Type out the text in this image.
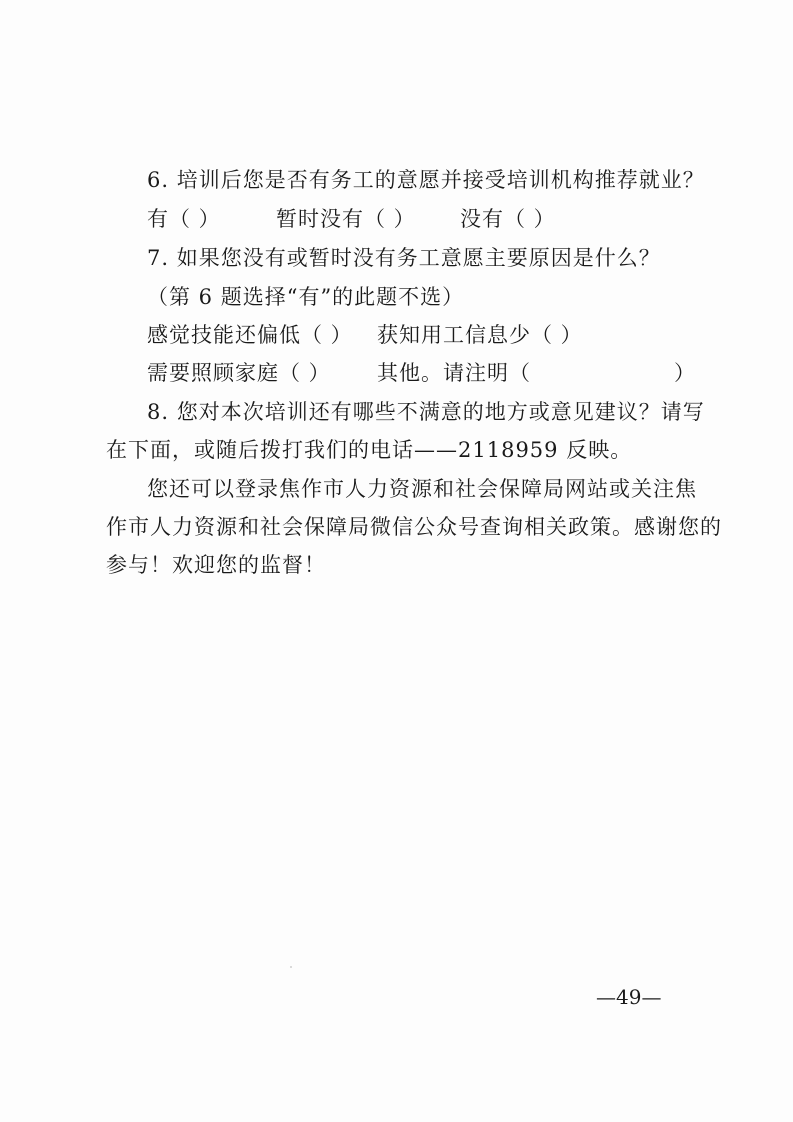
6. 培训后您是否有务工的意愿并接受培训机构推荐就业？
有（ ）	暂时没有（ ） 没有（ ）
7. 如果您没有或暂时没有务工意愿主要原因是什么？
（第 6 题选择“有”的此题不选）
感觉技能还偏低（ ） 获知用工信息少（ ）
需要照顾家庭（ ） 其他。请注明（	）
8. 您对本次培训还有哪些不满意的地方或意见建议？请写
在下面，或随后拨打我们的电话——2118959 反映。
您还可以登录焦作市人力资源和社会保障局网站或关注焦
作市人力资源和社会保障局微信公众号查询相关政策。感谢您的
参与！欢迎您的监督！
—49—
